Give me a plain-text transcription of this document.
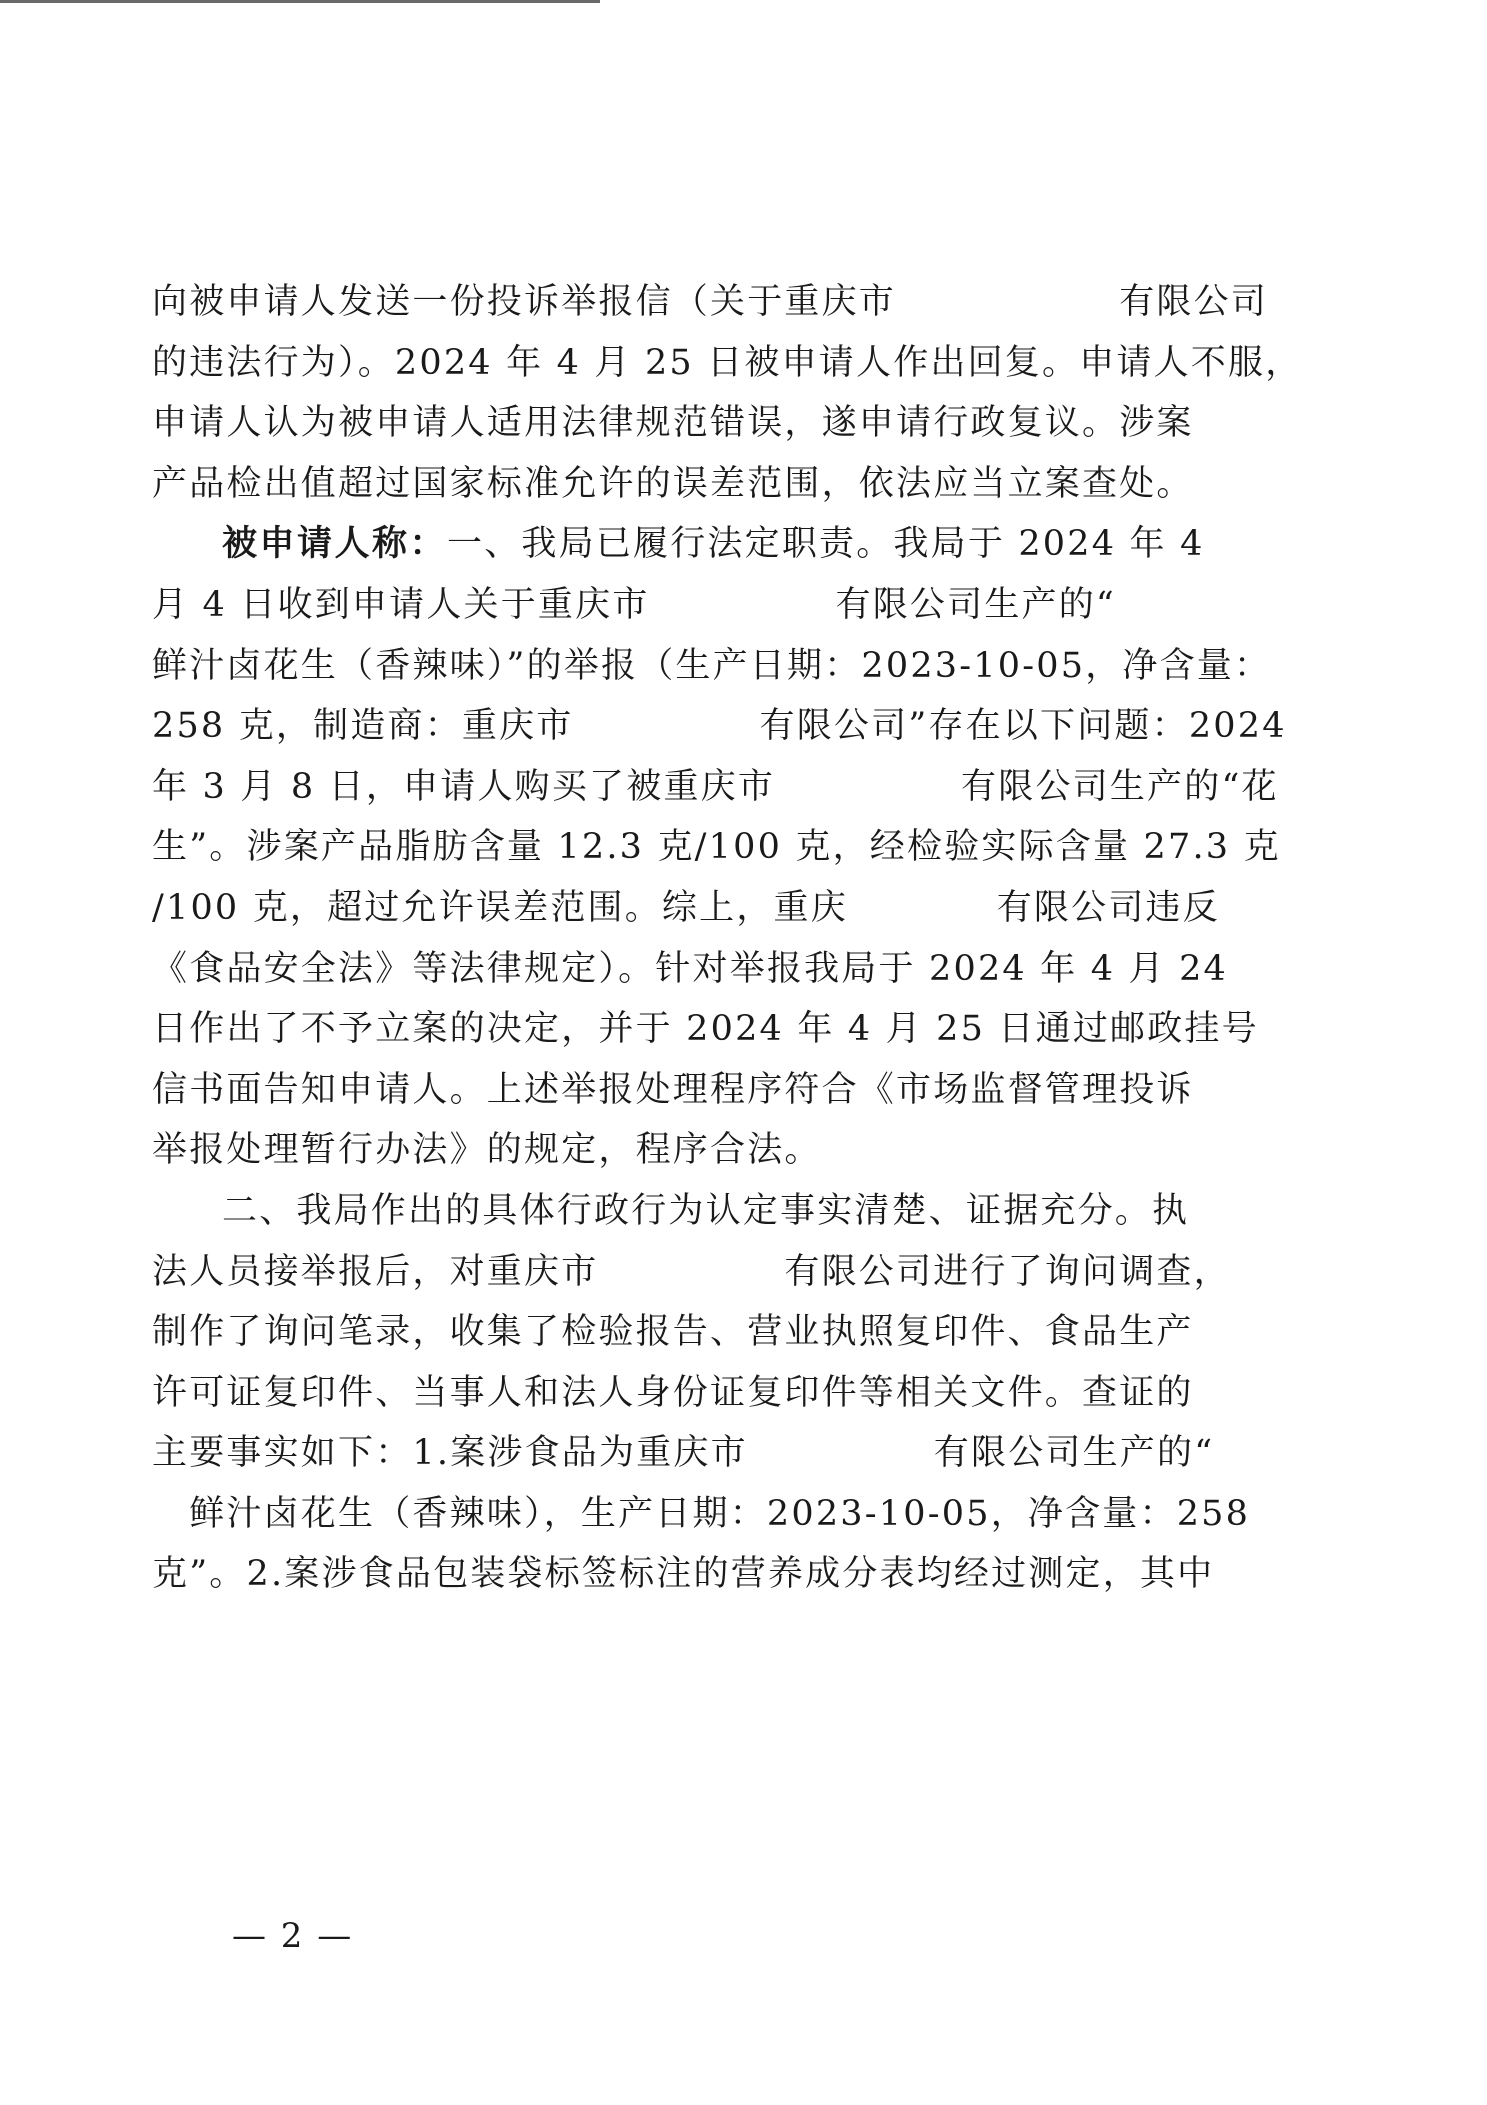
向被申请人发送一份投诉举报信（关于重庆市　　　　　　有限公司
的违法行为）。2024 年 4 月 25 日被申请人作出回复。申请人不服，
申请人认为被申请人适用法律规范错误，遂申请行政复议。涉案
产品检出值超过国家标准允许的误差范围，依法应当立案查处。
被申请人称：一、我局已履行法定职责。我局于 2024 年 4
月 4 日收到申请人关于重庆市　　　　　有限公司生产的“
鲜汁卤花生（香辣味）”的举报（生产日期：2023-10-05，净含量：
258 克，制造商：重庆市　　　　　有限公司”存在以下问题：2024
年 3 月 8 日，申请人购买了被重庆市　　　　　有限公司生产的“花
生”。涉案产品脂肪含量 12.3 克/100 克，经检验实际含量 27.3 克
/100 克，超过允许误差范围。综上，重庆　　　　有限公司违反
《食品安全法》等法律规定）。针对举报我局于 2024 年 4 月 24
日作出了不予立案的决定，并于 2024 年 4 月 25 日通过邮政挂号
信书面告知申请人。上述举报处理程序符合《市场监督管理投诉
举报处理暂行办法》的规定，程序合法。
二、我局作出的具体行政行为认定事实清楚、证据充分。执
法人员接举报后，对重庆市　　　　　有限公司进行了询问调查，
制作了询问笔录，收集了检验报告、营业执照复印件、食品生产
许可证复印件、当事人和法人身份证复印件等相关文件。查证的
主要事实如下：1.案涉食品为重庆市　　　　　有限公司生产的“
　鲜汁卤花生（香辣味），生产日期：2023-10-05，净含量：258
克”。2.案涉食品包装袋标签标注的营养成分表均经过测定，其中
— 2 —
